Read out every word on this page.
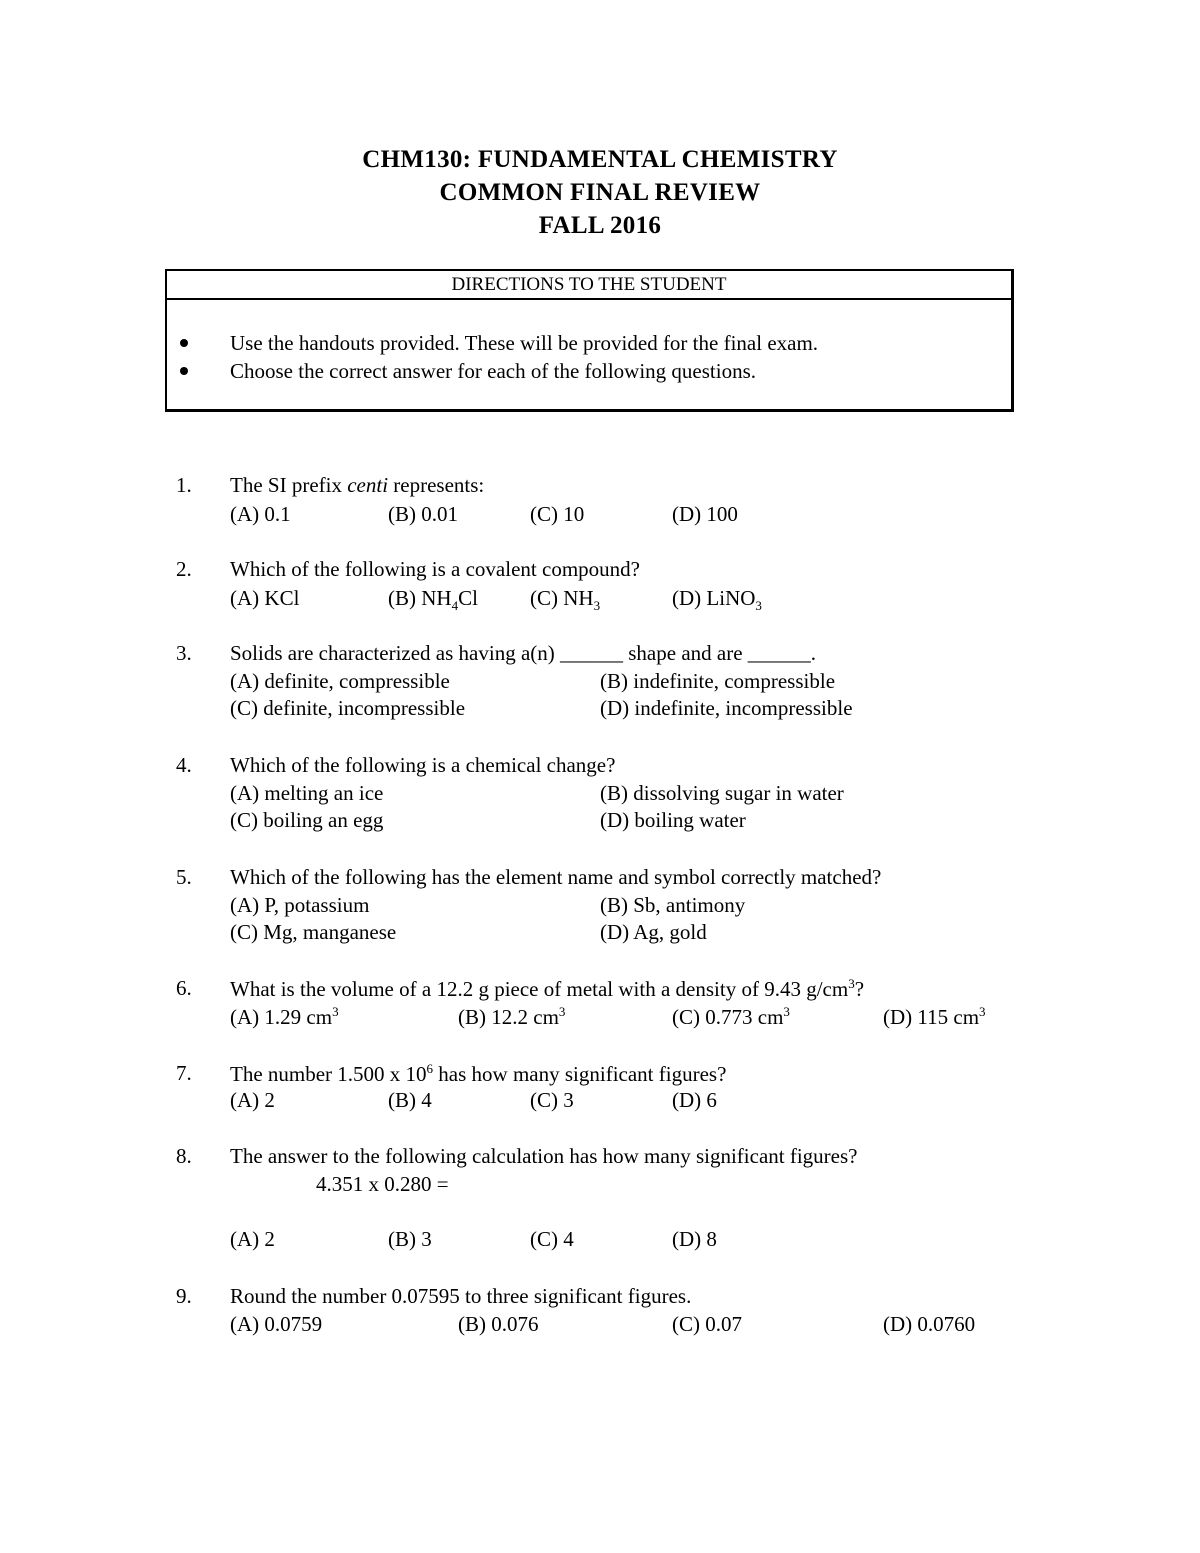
CHM130: FUNDAMENTAL CHEMISTRY
COMMON FINAL REVIEW
FALL 2016
DIRECTIONS TO THE STUDENT
Use the handouts provided. These will be provided for the final exam.
Choose the correct answer for each of the following questions.
1. The SI prefix centi represents:
(A) 0.1	(B) 0.01	(C) 10	(D) 100
2. Which of the following is a covalent compound?
(A) KCl	(B) $NH_4Cl$ (C) $NH_3$	(D) LiNO$_3$
3. Solids are characterized as having a(n) ______ shape and are ______.
(A) definite, compressible	(B) indefinite, compressible
(C) definite, incompressible	(D) indefinite, incompressible
4. Which of the following is a chemical change?
(A) melting an ice	(B) dissolving sugar in water
(C) boiling an egg	(D) boiling water
5. Which of the following has the element name and symbol correctly matched?
(A) P, potassium	(B) Sb, antimony
(C) Mg, manganese	(D) Ag, gold
6. What is the volume of a 12.2 g piece of metal with a density of 9.43 $g/cm^3$?
(A) 1.29 $cm^3$	(B) 12.2 $cm^3$	(C) 0.773 $cm^3$	(D) 115 $cm^3$
7. The number 1.500 x $10^6$ has how many significant figures?
(A) 2	(B) 4	(C) 3	(D) 6
8. The answer to the following calculation has how many significant figures?
4.351 x 0.280 =
(A) 2	(B) 3	(C) 4	(D) 8
9. Round the number 0.07595 to three significant figures.
(A) 0.0759	(B) 0.076	(C) 0.07	(D) 0.0760
